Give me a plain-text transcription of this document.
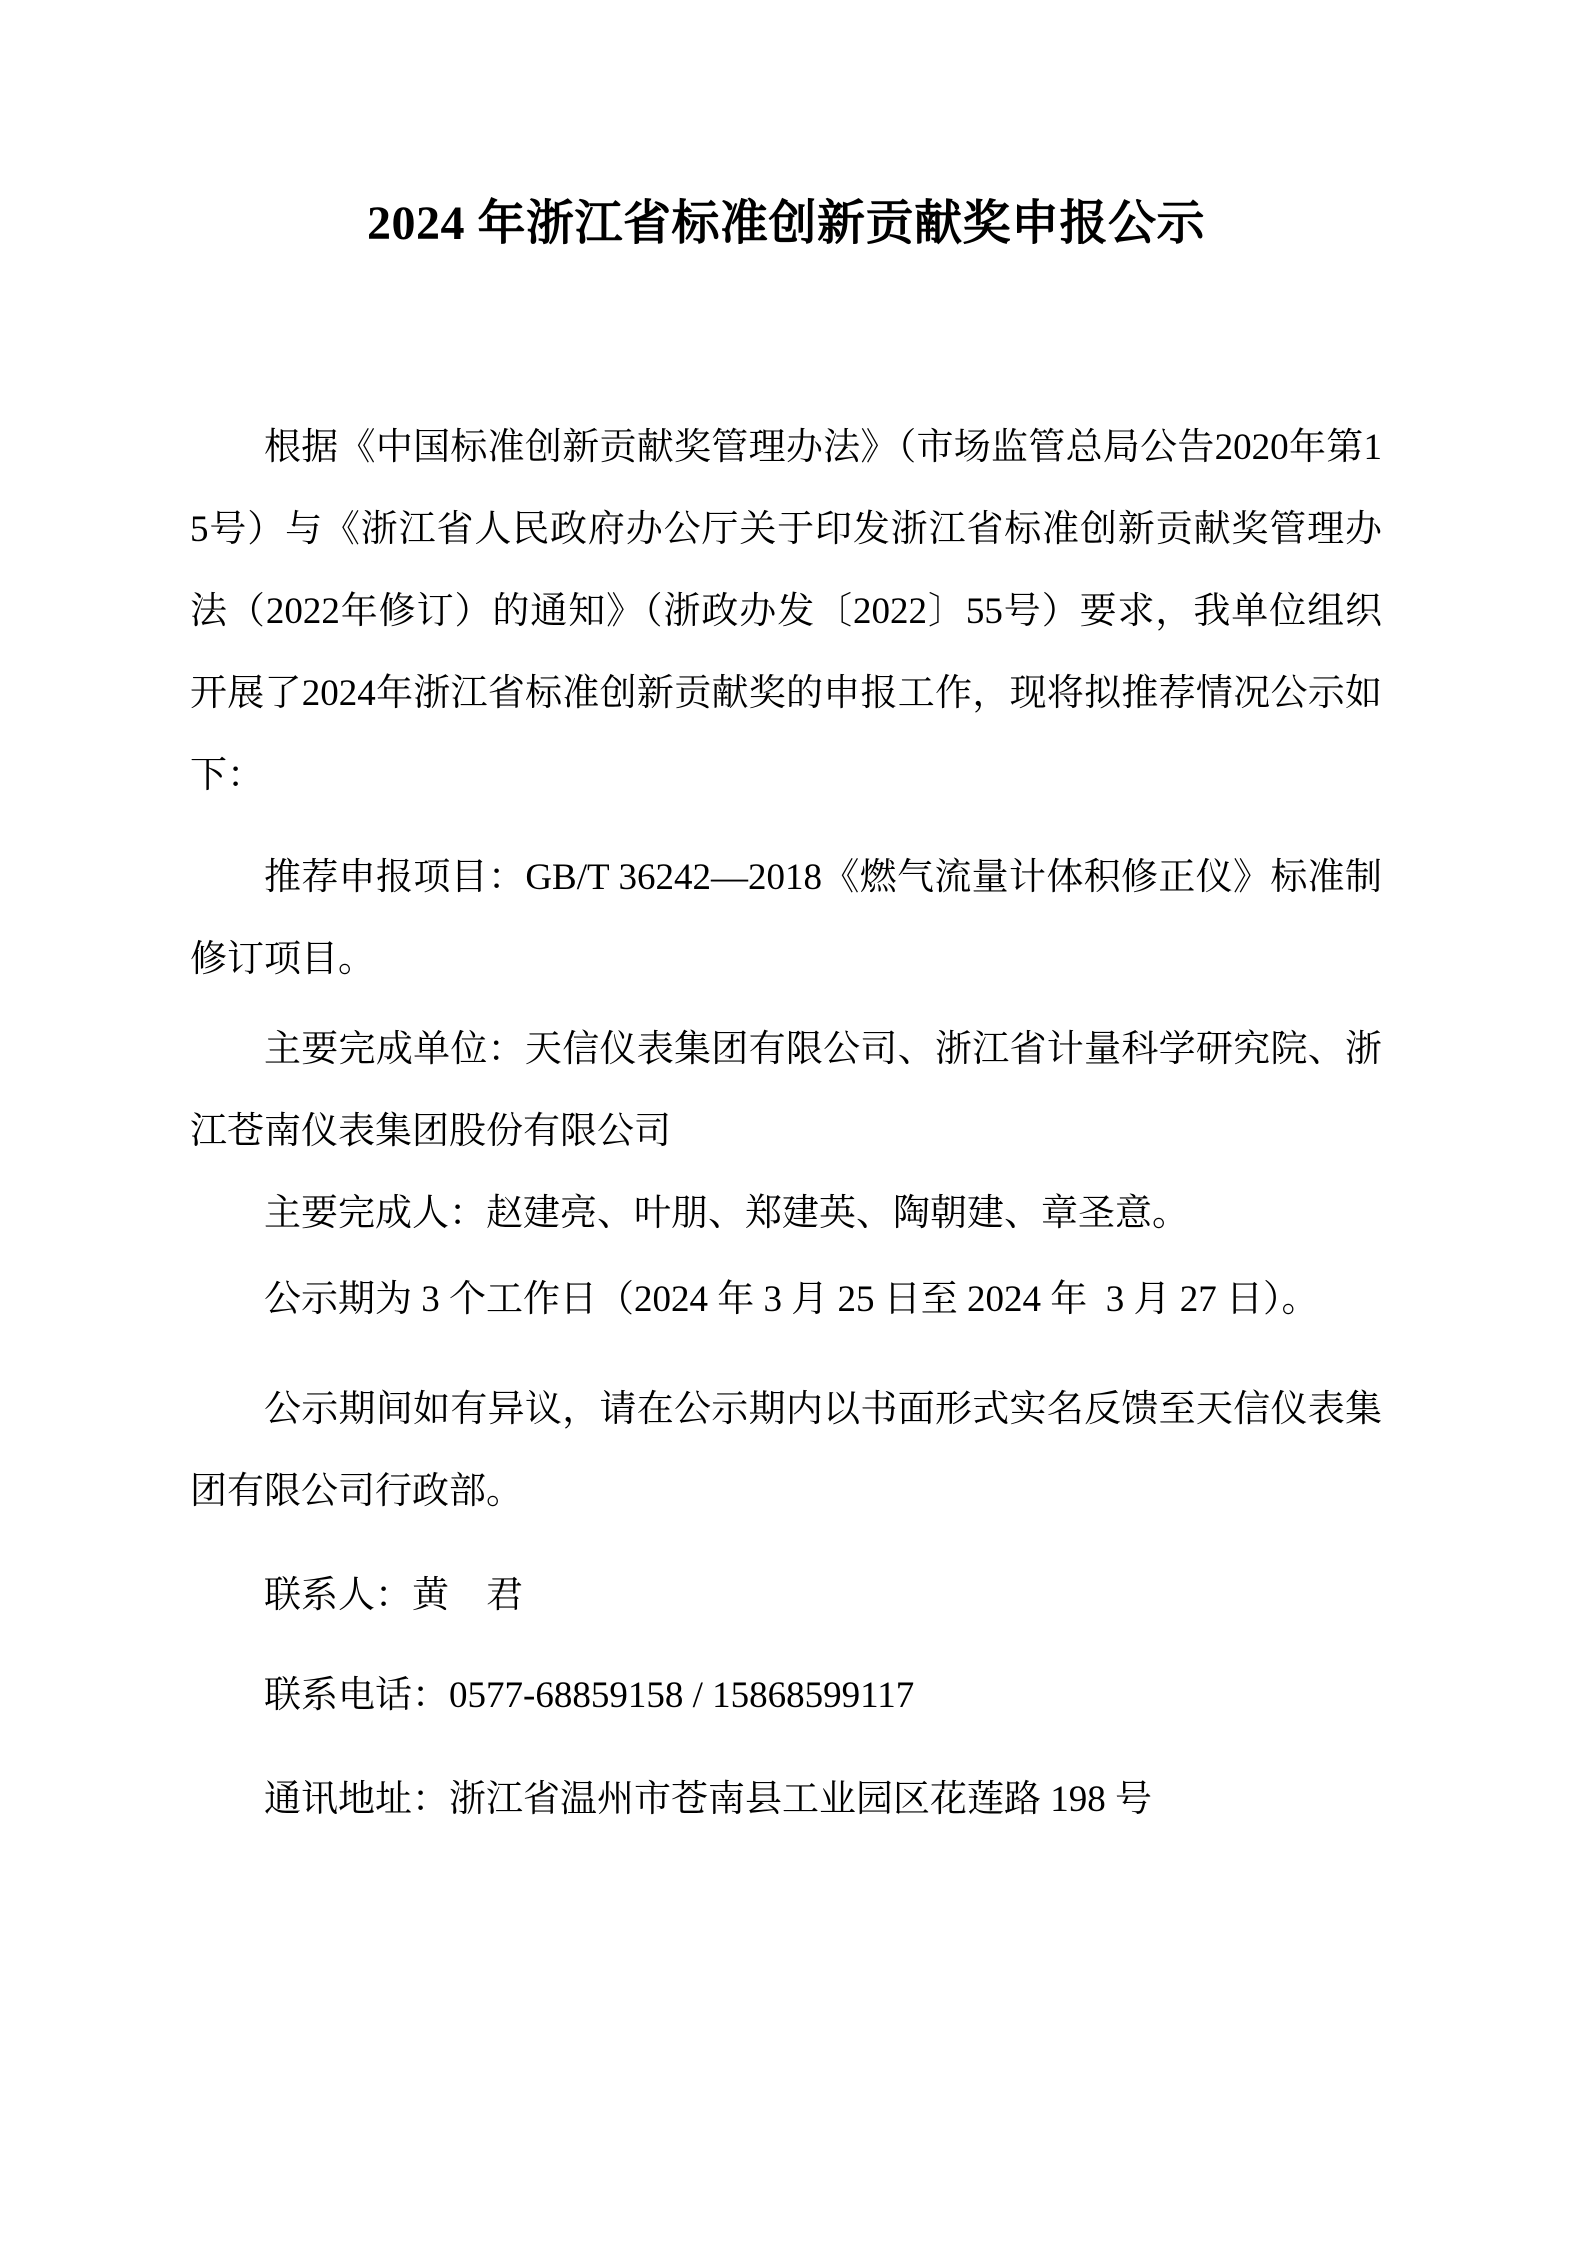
2024 年浙江省标准创新贡献奖申报公示

根据《中国标准创新贡献奖管理办法》（市场监管总局公告2020年第15号）与《浙江省人民政府办公厅关于印发浙江省标准创新贡献奖管理办法（2022年修订）的通知》（浙政办发〔2022〕55号）要求，我单位组织开展了2024年浙江省标准创新贡献奖的申报工作，现将拟推荐情况公示如下：

推荐申报项目：GB/T 36242—2018《燃气流量计体积修正仪》标准制修订项目。

主要完成单位：天信仪表集团有限公司、浙江省计量科学研究院、浙江苍南仪表集团股份有限公司

主要完成人：赵建亮、叶朋、郑建英、陶朝建、章圣意。

公示期为 3 个工作日（2024 年 3 月 25 日至 2024 年  3 月 27 日）。

公示期间如有异议，请在公示期内以书面形式实名反馈至天信仪表集团有限公司行政部。

联系人：黄　君

联系电话：0577-68859158 / 15868599117

通讯地址：浙江省温州市苍南县工业园区花莲路 198 号
